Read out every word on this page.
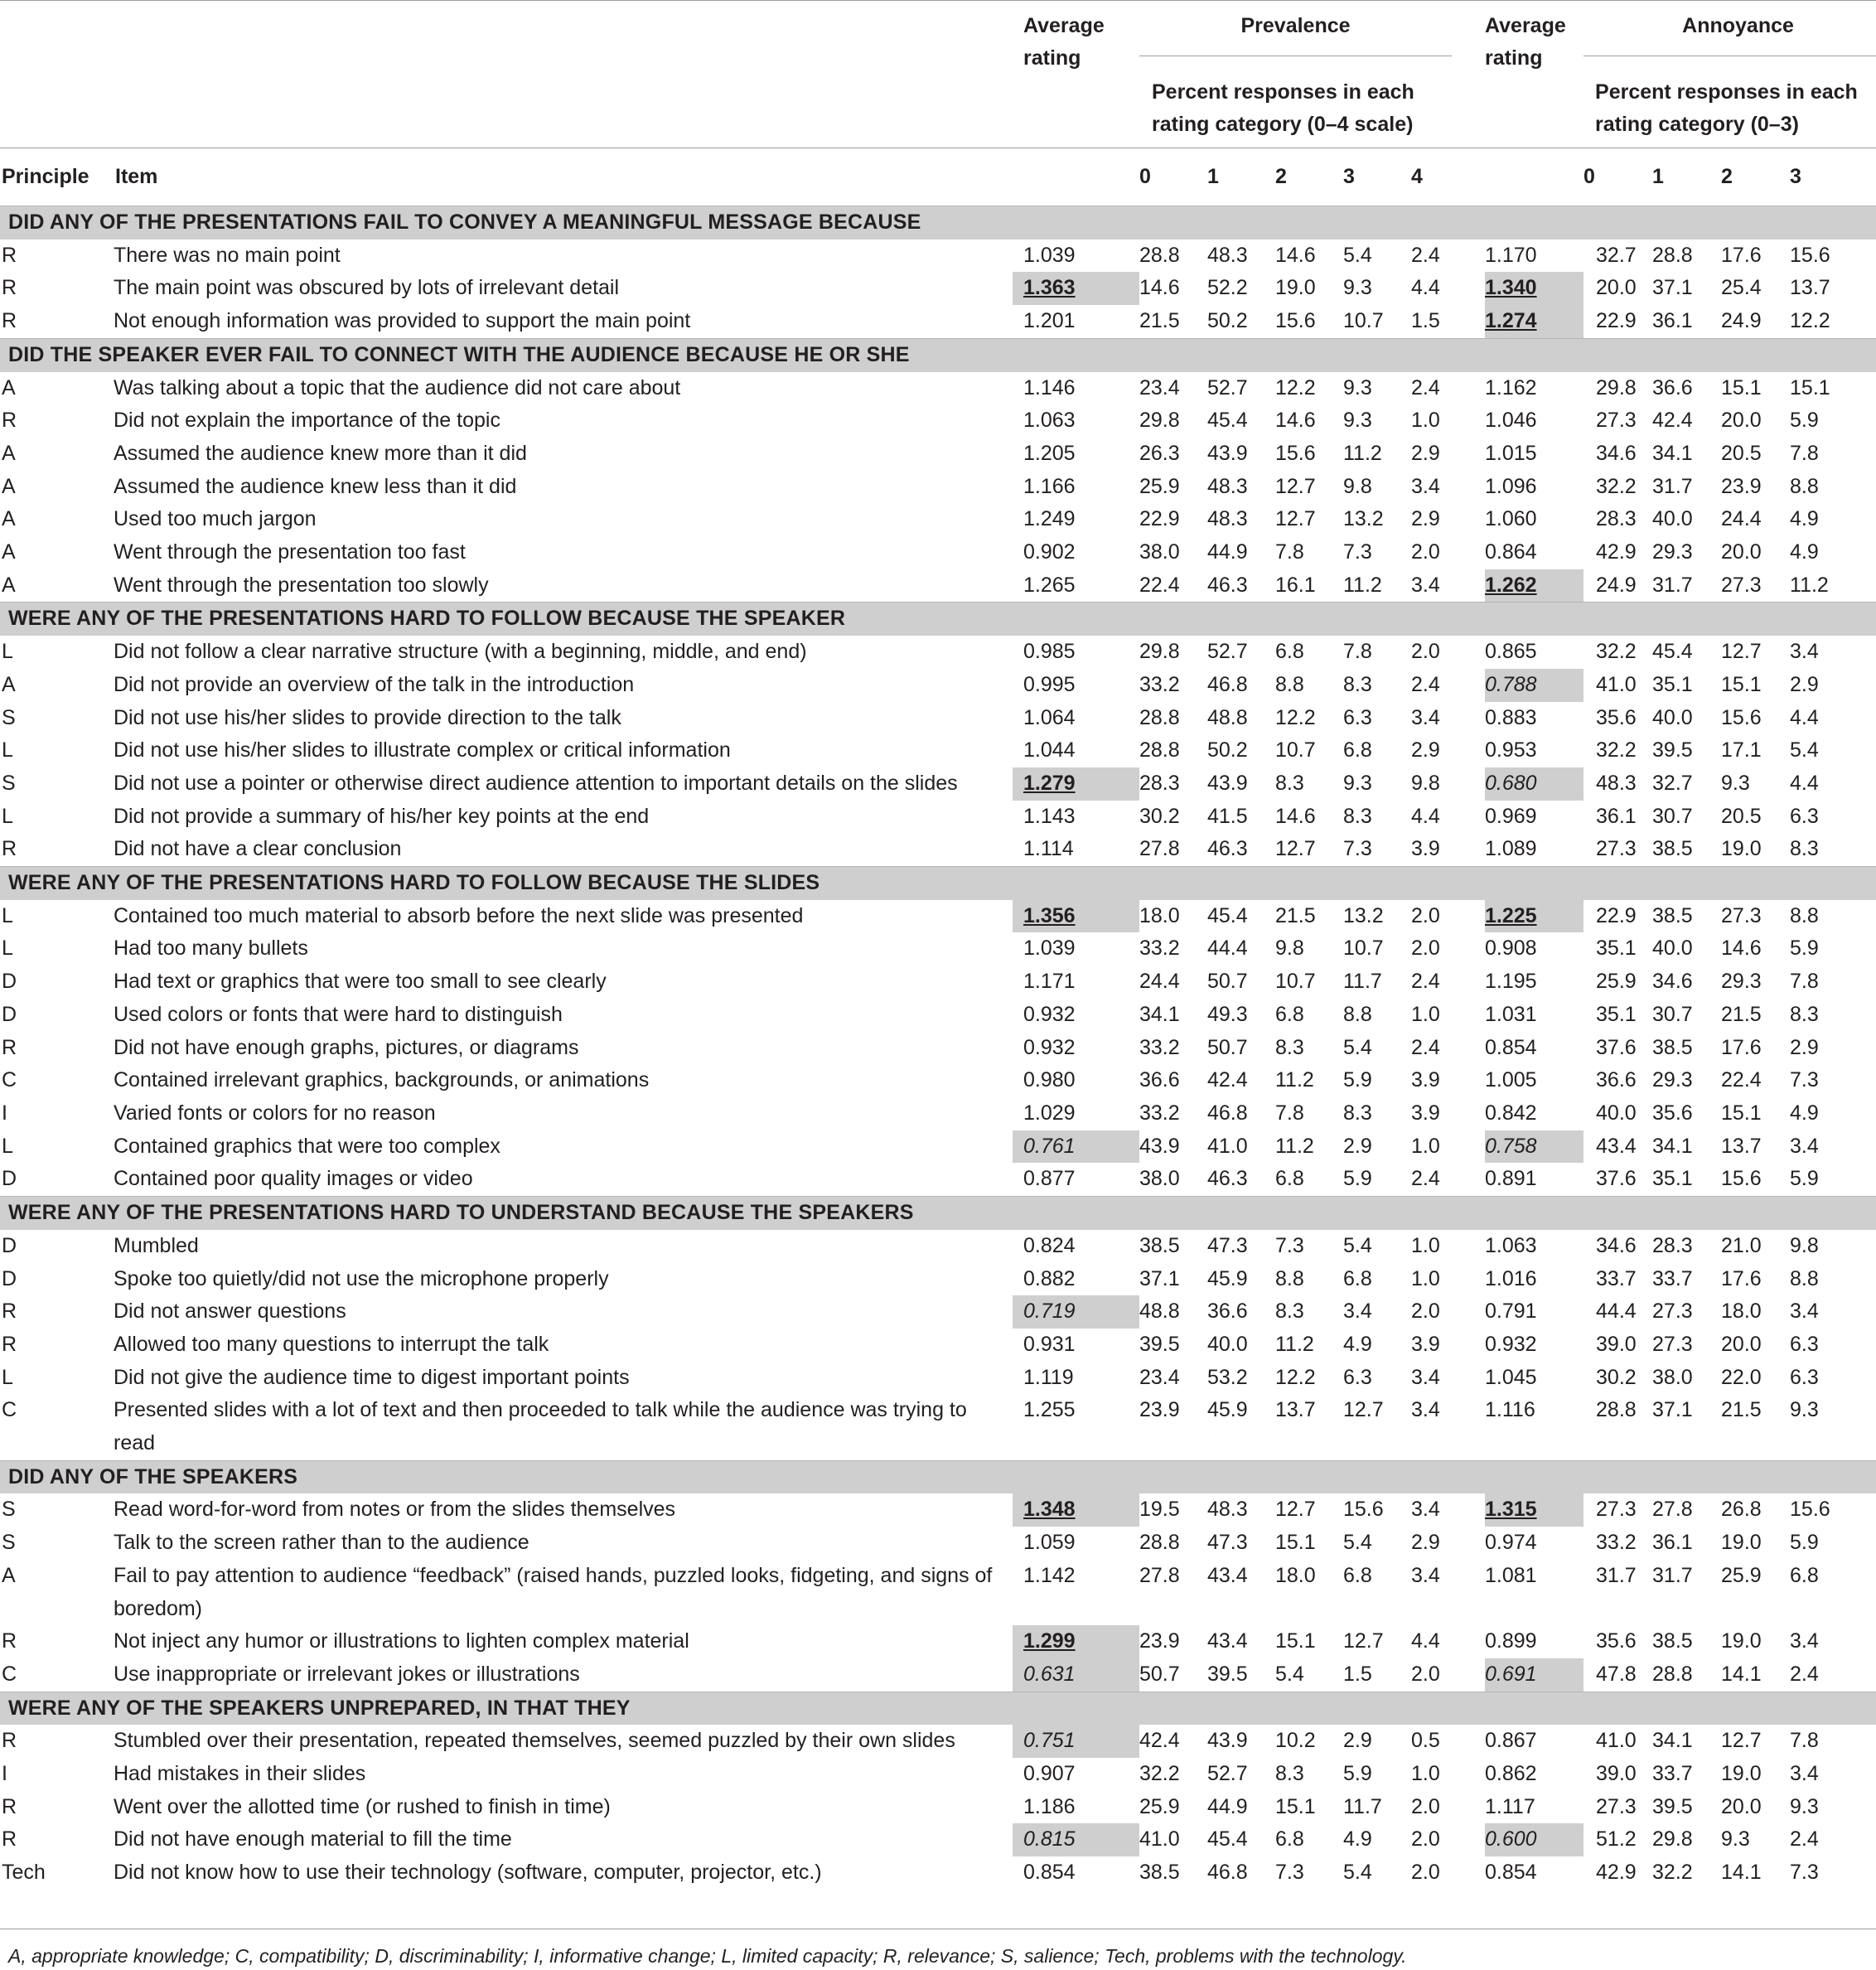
		Average rating	Prevalence					Average rating	Annoyance			

			Percent responses in each rating category (0–4 scale)						Percent responses in each rating category (0–3)			
Principle	Item		0	1	2	3	4		0	1	2	3
DID ANY OF THE PRESENTATIONS FAIL TO CONVEY A MEANINGFUL MESSAGE BECAUSE												
R	There was no main point	1.039	28.8	48.3	14.6	5.4	2.4	1.170	32.7	28.8	17.6	15.6
R	The main point was obscured by lots of irrelevant detail	1.363	14.6	52.2	19.0	9.3	4.4	1.340	20.0	37.1	25.4	13.7
R	Not enough information was provided to support the main point	1.201	21.5	50.2	15.6	10.7	1.5	1.274	22.9	36.1	24.9	12.2
DID THE SPEAKER EVER FAIL TO CONNECT WITH THE AUDIENCE BECAUSE HE OR SHE												
A	Was talking about a topic that the audience did not care about	1.146	23.4	52.7	12.2	9.3	2.4	1.162	29.8	36.6	15.1	15.1
R	Did not explain the importance of the topic	1.063	29.8	45.4	14.6	9.3	1.0	1.046	27.3	42.4	20.0	5.9
A	Assumed the audience knew more than it did	1.205	26.3	43.9	15.6	11.2	2.9	1.015	34.6	34.1	20.5	7.8
A	Assumed the audience knew less than it did	1.166	25.9	48.3	12.7	9.8	3.4	1.096	32.2	31.7	23.9	8.8
A	Used too much jargon	1.249	22.9	48.3	12.7	13.2	2.9	1.060	28.3	40.0	24.4	4.9
A	Went through the presentation too fast	0.902	38.0	44.9	7.8	7.3	2.0	0.864	42.9	29.3	20.0	4.9
A	Went through the presentation too slowly	1.265	22.4	46.3	16.1	11.2	3.4	1.262	24.9	31.7	27.3	11.2
WERE ANY OF THE PRESENTATIONS HARD TO FOLLOW BECAUSE THE SPEAKER												
L	Did not follow a clear narrative structure (with a beginning, middle, and end)	0.985	29.8	52.7	6.8	7.8	2.0	0.865	32.2	45.4	12.7	3.4
A	Did not provide an overview of the talk in the introduction	0.995	33.2	46.8	8.8	8.3	2.4	0.788	41.0	35.1	15.1	2.9
S	Did not use his/her slides to provide direction to the talk	1.064	28.8	48.8	12.2	6.3	3.4	0.883	35.6	40.0	15.6	4.4
L	Did not use his/her slides to illustrate complex or critical information	1.044	28.8	50.2	10.7	6.8	2.9	0.953	32.2	39.5	17.1	5.4
S	Did not use a pointer or otherwise direct audience attention to important details on the slides	1.279	28.3	43.9	8.3	9.3	9.8	0.680	48.3	32.7	9.3	4.4
L	Did not provide a summary of his/her key points at the end	1.143	30.2	41.5	14.6	8.3	4.4	0.969	36.1	30.7	20.5	6.3
R	Did not have a clear conclusion	1.114	27.8	46.3	12.7	7.3	3.9	1.089	27.3	38.5	19.0	8.3
WERE ANY OF THE PRESENTATIONS HARD TO FOLLOW BECAUSE THE SLIDES												
L	Contained too much material to absorb before the next slide was presented	1.356	18.0	45.4	21.5	13.2	2.0	1.225	22.9	38.5	27.3	8.8
L	Had too many bullets	1.039	33.2	44.4	9.8	10.7	2.0	0.908	35.1	40.0	14.6	5.9
D	Had text or graphics that were too small to see clearly	1.171	24.4	50.7	10.7	11.7	2.4	1.195	25.9	34.6	29.3	7.8
D	Used colors or fonts that were hard to distinguish	0.932	34.1	49.3	6.8	8.8	1.0	1.031	35.1	30.7	21.5	8.3
R	Did not have enough graphs, pictures, or diagrams	0.932	33.2	50.7	8.3	5.4	2.4	0.854	37.6	38.5	17.6	2.9
C	Contained irrelevant graphics, backgrounds, or animations	0.980	36.6	42.4	11.2	5.9	3.9	1.005	36.6	29.3	22.4	7.3
I	Varied fonts or colors for no reason	1.029	33.2	46.8	7.8	8.3	3.9	0.842	40.0	35.6	15.1	4.9
L	Contained graphics that were too complex	0.761	43.9	41.0	11.2	2.9	1.0	0.758	43.4	34.1	13.7	3.4
D	Contained poor quality images or video	0.877	38.0	46.3	6.8	5.9	2.4	0.891	37.6	35.1	15.6	5.9
WERE ANY OF THE PRESENTATIONS HARD TO UNDERSTAND BECAUSE THE SPEAKERS												
D	Mumbled	0.824	38.5	47.3	7.3	5.4	1.0	1.063	34.6	28.3	21.0	9.8
D	Spoke too quietly/did not use the microphone properly	0.882	37.1	45.9	8.8	6.8	1.0	1.016	33.7	33.7	17.6	8.8
R	Did not answer questions	0.719	48.8	36.6	8.3	3.4	2.0	0.791	44.4	27.3	18.0	3.4
R	Allowed too many questions to interrupt the talk	0.931	39.5	40.0	11.2	4.9	3.9	0.932	39.0	27.3	20.0	6.3
L	Did not give the audience time to digest important points	1.119	23.4	53.2	12.2	6.3	3.4	1.045	30.2	38.0	22.0	6.3
C	Presented slides with a lot of text and then proceeded to talk while the audience was trying to read	1.255	23.9	45.9	13.7	12.7	3.4	1.116	28.8	37.1	21.5	9.3
DID ANY OF THE SPEAKERS												
S	Read word-for-word from notes or from the slides themselves	1.348	19.5	48.3	12.7	15.6	3.4	1.315	27.3	27.8	26.8	15.6
S	Talk to the screen rather than to the audience	1.059	28.8	47.3	15.1	5.4	2.9	0.974	33.2	36.1	19.0	5.9
A	Fail to pay attention to audience “feedback” (raised hands, puzzled looks, fidgeting, and signs of boredom)	1.142	27.8	43.4	18.0	6.8	3.4	1.081	31.7	31.7	25.9	6.8
R	Not inject any humor or illustrations to lighten complex material	1.299	23.9	43.4	15.1	12.7	4.4	0.899	35.6	38.5	19.0	3.4
C	Use inappropriate or irrelevant jokes or illustrations	0.631	50.7	39.5	5.4	1.5	2.0	0.691	47.8	28.8	14.1	2.4
WERE ANY OF THE SPEAKERS UNPREPARED, IN THAT THEY												
R	Stumbled over their presentation, repeated themselves, seemed puzzled by their own slides	0.751	42.4	43.9	10.2	2.9	0.5	0.867	41.0	34.1	12.7	7.8
I	Had mistakes in their slides	0.907	32.2	52.7	8.3	5.9	1.0	0.862	39.0	33.7	19.0	3.4
R	Went over the allotted time (or rushed to finish in time)	1.186	25.9	44.9	15.1	11.7	2.0	1.117	27.3	39.5	20.0	9.3
R	Did not have enough material to fill the time	0.815	41.0	45.4	6.8	4.9	2.0	0.600	51.2	29.8	9.3	2.4
Tech	Did not know how to use their technology (software, computer, projector, etc.)	0.854	38.5	46.8	7.3	5.4	2.0	0.854	42.9	32.2	14.1	7.3
A, appropriate knowledge; C, compatibility; D, discriminability; I, informative change; L, limited capacity; R, relevance; S, salience; Tech, problems with the technology.
